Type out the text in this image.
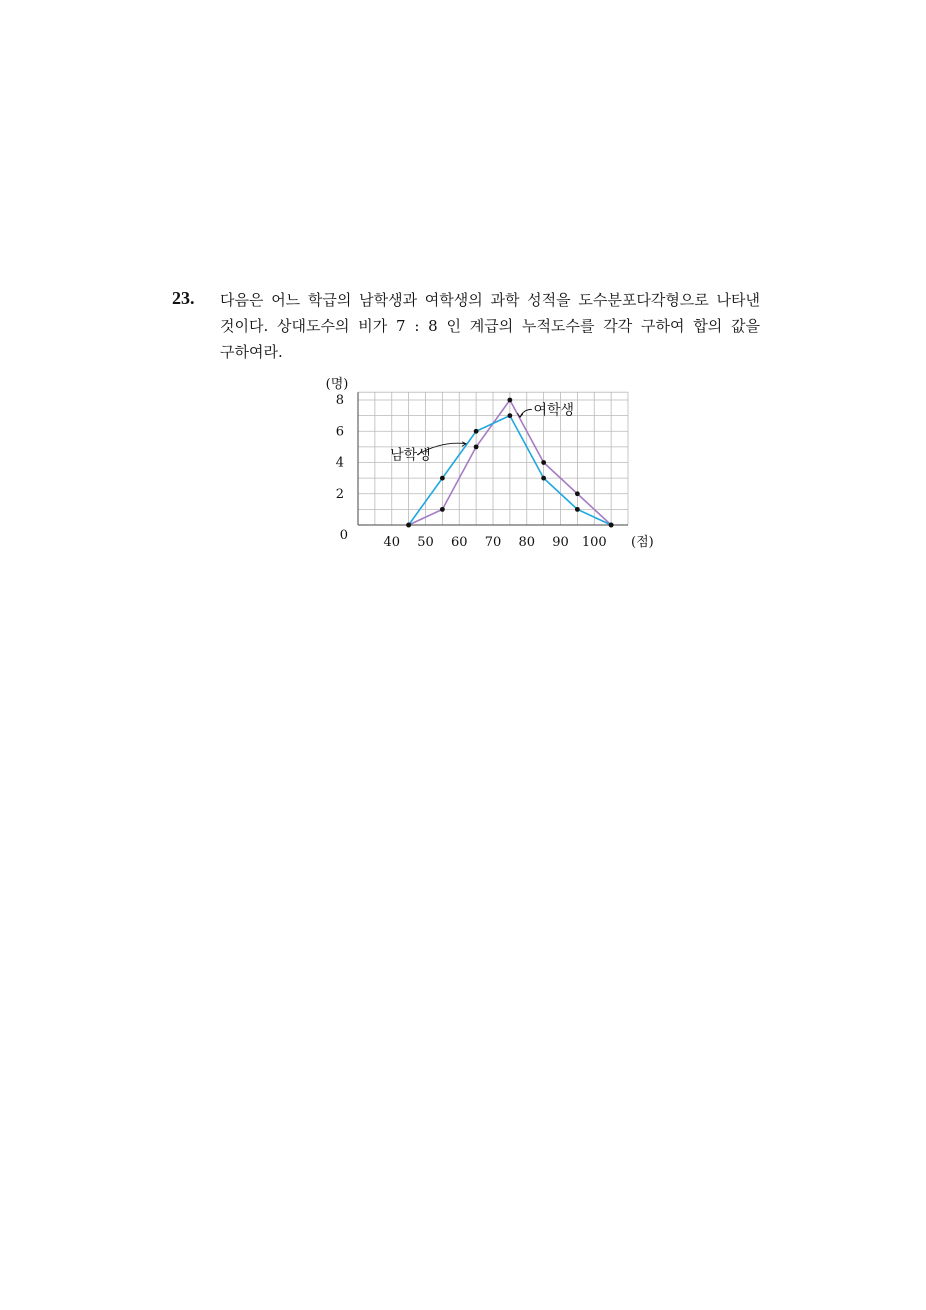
23. 다음은 어느 학급의 남학생과 여학생의 과학 성적을 도수분포다각형으로 나타낸
것이다. 상대도수의 비가 7 : 8 인 계급의 누적도수를 각각 구하여 합의 값을
구하여라.
40 50 60 70 80 90 100
2
4
6
8
0
(명)
(점)
남학생
여학생
